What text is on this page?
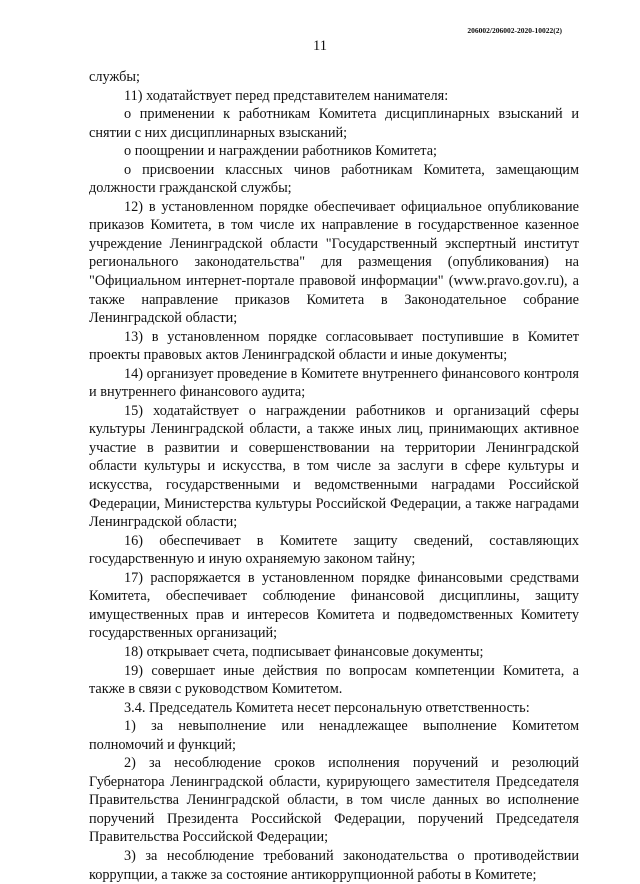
206002/206002-2020-10022(2)
11

службы;

11) ходатайствует перед представителем нанимателя:

о применении к работникам Комитета дисциплинарных взысканий и снятии с них дисциплинарных взысканий;

о поощрении и награждении работников Комитета;

о присвоении классных чинов работникам Комитета, замещающим должности гражданской службы;

12) в установленном порядке обеспечивает официальное опубликование приказов Комитета, в том числе их направление в государственное казенное учреждение Ленинградской области "Государственный экспертный институт регионального законодательства" для размещения (опубликования) на "Официальном интернет-портале правовой информации" (www.pravo.gov.ru), а также направление приказов Комитета в Законодательное собрание Ленинградской области;

13) в установленном порядке согласовывает поступившие в Комитет проекты правовых актов Ленинградской области и иные документы;

14) организует проведение в Комитете внутреннего финансового контроля и внутреннего финансового аудита;

15) ходатайствует о награждении работников и организаций сферы культуры Ленинградской области, а также иных лиц, принимающих активное участие в развитии и совершенствовании на территории Ленинградской области культуры и искусства, в том числе за заслуги в сфере культуры и искусства, государственными и ведомственными наградами Российской Федерации, Министерства культуры Российской Федерации, а также наградами Ленинградской области;

16) обеспечивает в Комитете защиту сведений, составляющих государственную и иную охраняемую законом тайну;

17) распоряжается в установленном порядке финансовыми средствами Комитета, обеспечивает соблюдение финансовой дисциплины, защиту имущественных прав и интересов Комитета и подведомственных Комитету государственных организаций;

18) открывает счета, подписывает финансовые документы;

19) совершает иные действия по вопросам компетенции Комитета, а также в связи с руководством Комитетом.

3.4. Председатель Комитета несет персональную ответственность:

1) за невыполнение или ненадлежащее выполнение Комитетом полномочий и функций;

2) за несоблюдение сроков исполнения поручений и резолюций Губернатора Ленинградской области, курирующего заместителя Председателя Правительства Ленинградской области, в том числе данных во исполнение поручений Президента Российской Федерации, поручений Председателя Правительства Российской Федерации;

3) за несоблюдение требований законодательства о противодействии коррупции, а также за состояние антикоррупционной работы в Комитете;
